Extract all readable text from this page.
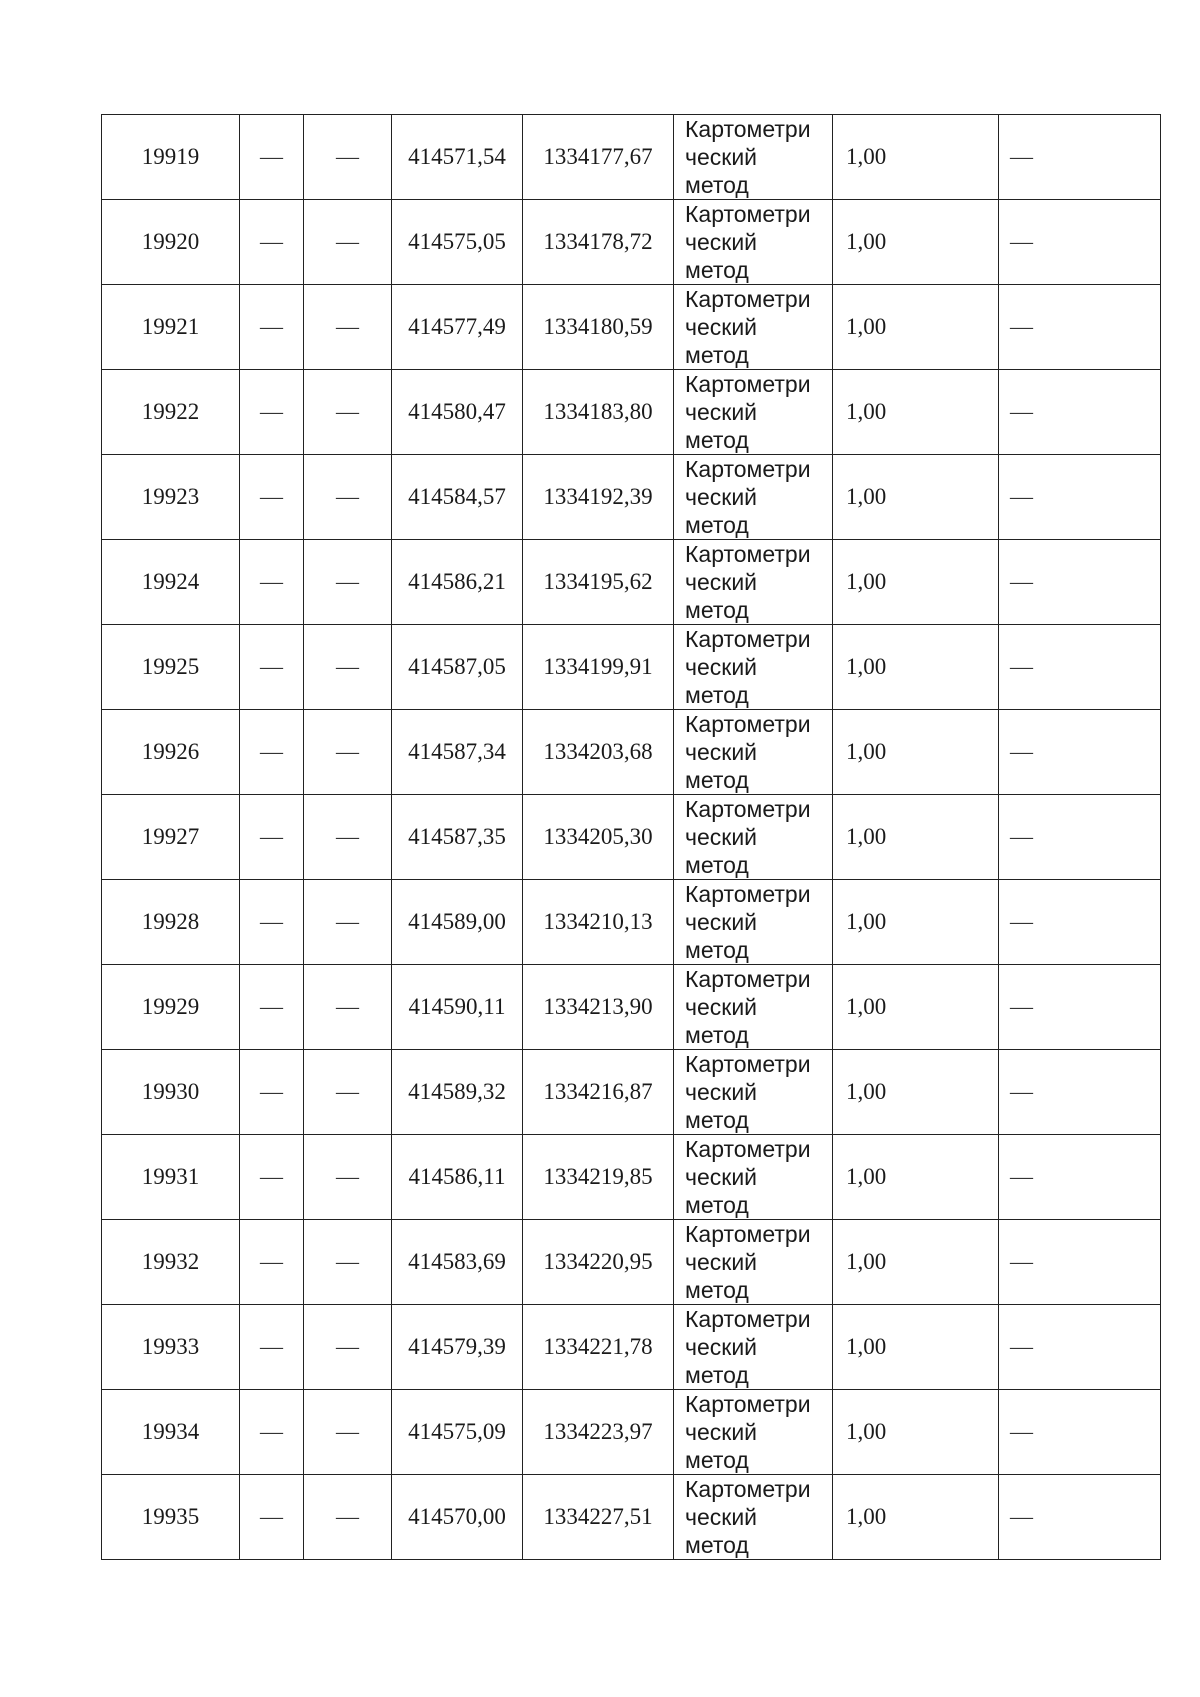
19919	—	—	414571,54	1334177,67	Картометри
ческий
метод	1,00	—
19920	—	—	414575,05	1334178,72	Картометри
ческий
метод	1,00	—
19921	—	—	414577,49	1334180,59	Картометри
ческий
метод	1,00	—
19922	—	—	414580,47	1334183,80	Картометри
ческий
метод	1,00	—
19923	—	—	414584,57	1334192,39	Картометри
ческий
метод	1,00	—
19924	—	—	414586,21	1334195,62	Картометри
ческий
метод	1,00	—
19925	—	—	414587,05	1334199,91	Картометри
ческий
метод	1,00	—
19926	—	—	414587,34	1334203,68	Картометри
ческий
метод	1,00	—
19927	—	—	414587,35	1334205,30	Картометри
ческий
метод	1,00	—
19928	—	—	414589,00	1334210,13	Картометри
ческий
метод	1,00	—
19929	—	—	414590,11	1334213,90	Картометри
ческий
метод	1,00	—
19930	—	—	414589,32	1334216,87	Картометри
ческий
метод	1,00	—
19931	—	—	414586,11	1334219,85	Картометри
ческий
метод	1,00	—
19932	—	—	414583,69	1334220,95	Картометри
ческий
метод	1,00	—
19933	—	—	414579,39	1334221,78	Картометри
ческий
метод	1,00	—
19934	—	—	414575,09	1334223,97	Картометри
ческий
метод	1,00	—
19935	—	—	414570,00	1334227,51	Картометри
ческий
метод	1,00	—
